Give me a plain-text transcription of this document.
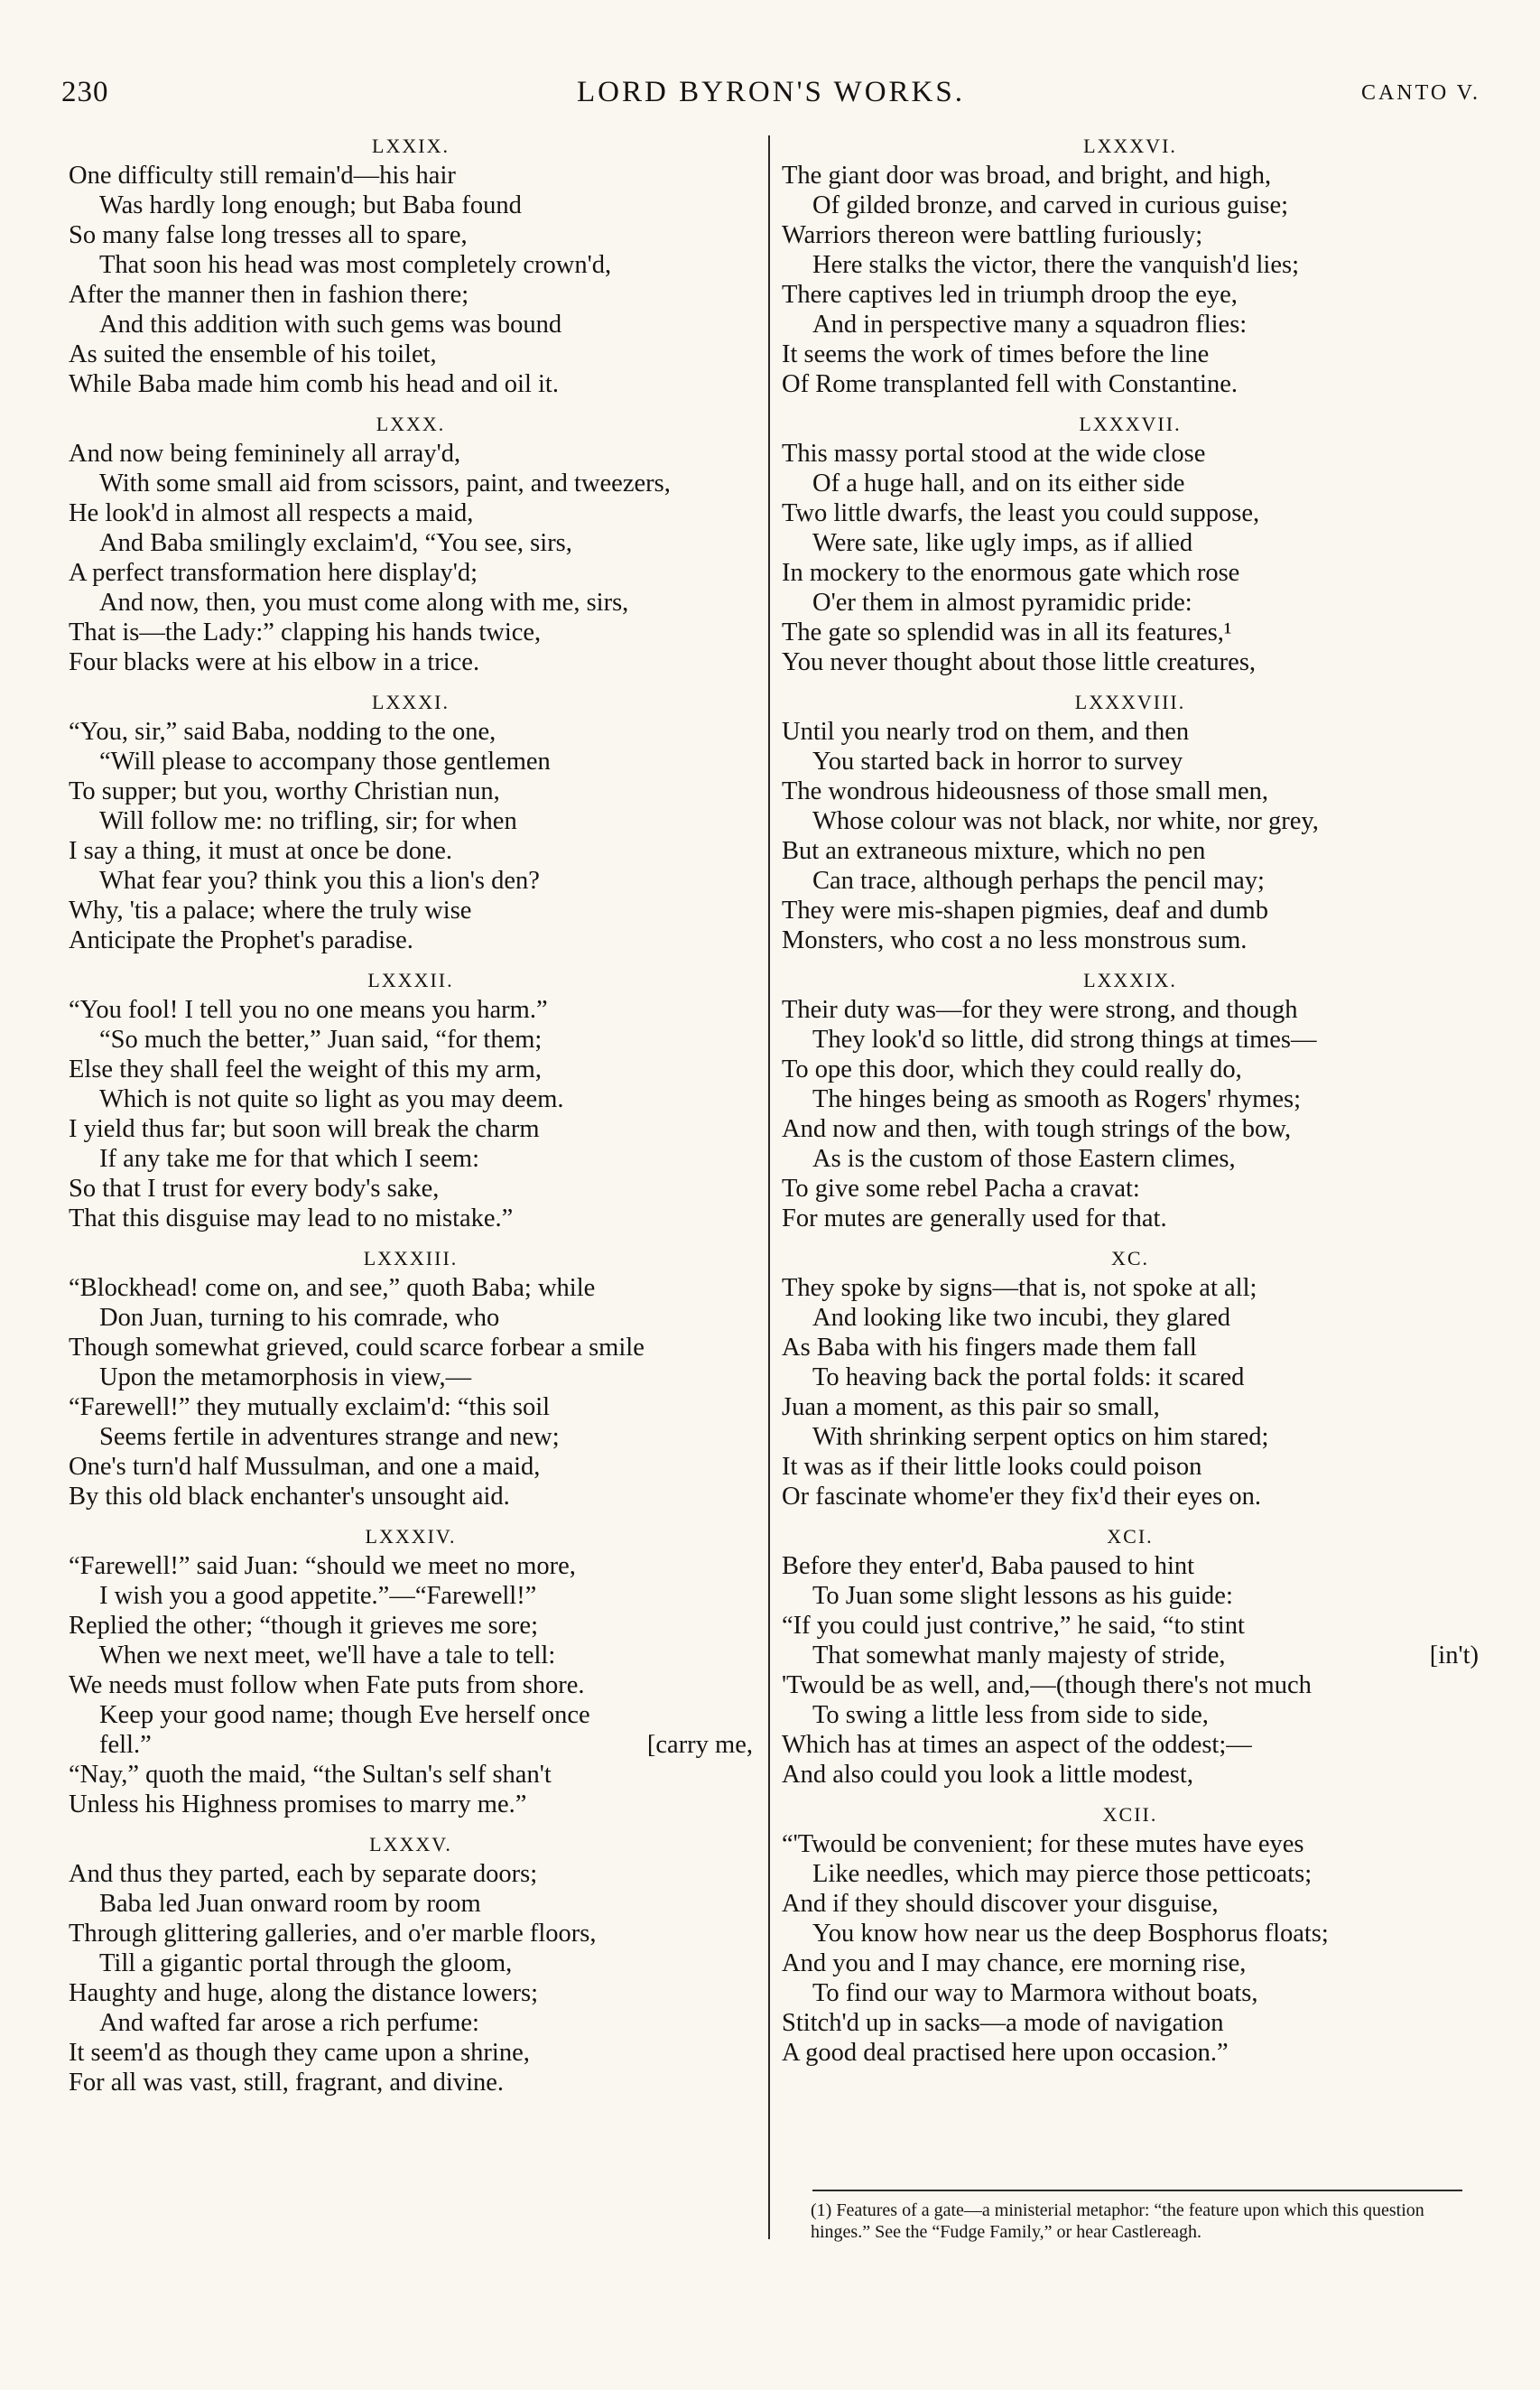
230	LORD BYRON'S WORKS.	CANTO V.
LXXIX.
One difficulty still remain'd—his hair
Was hardly long enough; but Baba found
So many false long tresses all to spare,
That soon his head was most completely crown'd,
After the manner then in fashion there;
And this addition with such gems was bound
As suited the ensemble of his toilet,
While Baba made him comb his head and oil it.
LXXX.
And now being femininely all array'd,
With some small aid from scissors, paint, and tweezers,
He look'd in almost all respects a maid,
And Baba smilingly exclaim'd, “You see, sirs,
A perfect transformation here display'd;
And now, then, you must come along with me, sirs,
That is—the Lady:” clapping his hands twice,
Four blacks were at his elbow in a trice.
LXXXI.
“You, sir,” said Baba, nodding to the one,
“Will please to accompany those gentlemen
To supper; but you, worthy Christian nun,
Will follow me: no trifling, sir; for when
I say a thing, it must at once be done.
What fear you? think you this a lion's den?
Why, 'tis a palace; where the truly wise
Anticipate the Prophet's paradise.
LXXXII.
“You fool! I tell you no one means you harm.”
“So much the better,” Juan said, “for them;
Else they shall feel the weight of this my arm,
Which is not quite so light as you may deem.
I yield thus far; but soon will break the charm
If any take me for that which I seem:
So that I trust for every body's sake,
That this disguise may lead to no mistake.”
LXXXIII.
“Blockhead! come on, and see,” quoth Baba; while
Don Juan, turning to his comrade, who
Though somewhat grieved, could scarce forbear a smile
Upon the metamorphosis in view,—
“Farewell!” they mutually exclaim'd: “this soil
Seems fertile in adventures strange and new;
One's turn'd half Mussulman, and one a maid,
By this old black enchanter's unsought aid.
LXXXIV.
“Farewell!” said Juan: “should we meet no more,
I wish you a good appetite.”—“Farewell!”
Replied the other; “though it grieves me sore;
When we next meet, we'll have a tale to tell:
We needs must follow when Fate puts from shore.
Keep your good name; though Eve herself once
fell.”	[carry me,
“Nay,” quoth the maid, “the Sultan's self shan't
Unless his Highness promises to marry me.”
LXXXV.
And thus they parted, each by separate doors;
Baba led Juan onward room by room
Through glittering galleries, and o'er marble floors,
Till a gigantic portal through the gloom,
Haughty and huge, along the distance lowers;
And wafted far arose a rich perfume:
It seem'd as though they came upon a shrine,
For all was vast, still, fragrant, and divine.
LXXXVI.
The giant door was broad, and bright, and high,
Of gilded bronze, and carved in curious guise;
Warriors thereon were battling furiously;
Here stalks the victor, there the vanquish'd lies;
There captives led in triumph droop the eye,
And in perspective many a squadron flies:
It seems the work of times before the line
Of Rome transplanted fell with Constantine.
LXXXVII.
This massy portal stood at the wide close
Of a huge hall, and on its either side
Two little dwarfs, the least you could suppose,
Were sate, like ugly imps, as if allied
In mockery to the enormous gate which rose
O'er them in almost pyramidic pride:
The gate so splendid was in all its features,¹
You never thought about those little creatures,
LXXXVIII.
Until you nearly trod on them, and then
You started back in horror to survey
The wondrous hideousness of those small men,
Whose colour was not black, nor white, nor grey,
But an extraneous mixture, which no pen
Can trace, although perhaps the pencil may;
They were mis-shapen pigmies, deaf and dumb
Monsters, who cost a no less monstrous sum.
LXXXIX.
Their duty was—for they were strong, and though
They look'd so little, did strong things at times—
To ope this door, which they could really do,
The hinges being as smooth as Rogers' rhymes;
And now and then, with tough strings of the bow,
As is the custom of those Eastern climes,
To give some rebel Pacha a cravat:
For mutes are generally used for that.
XC.
They spoke by signs—that is, not spoke at all;
And looking like two incubi, they glared
As Baba with his fingers made them fall
To heaving back the portal folds: it scared
Juan a moment, as this pair so small,
With shrinking serpent optics on him stared;
It was as if their little looks could poison
Or fascinate whome'er they fix'd their eyes on.
XCI.
Before they enter'd, Baba paused to hint
To Juan some slight lessons as his guide:
“If you could just contrive,” he said, “to stint
That somewhat manly majesty of stride,	[in't)
'Twould be as well, and,—(though there's not much
To swing a little less from side to side,
Which has at times an aspect of the oddest;—
And also could you look a little modest,
XCII.
“'Twould be convenient; for these mutes have eyes
Like needles, which may pierce those petticoats;
And if they should discover your disguise,
You know how near us the deep Bosphorus floats;
And you and I may chance, ere morning rise,
To find our way to Marmora without boats,
Stitch'd up in sacks—a mode of navigation
A good deal practised here upon occasion.”
(1) Features of a gate—a ministerial metaphor: “the feature upon which this question hinges.” See the “Fudge Family,” or hear Castlereagh.
